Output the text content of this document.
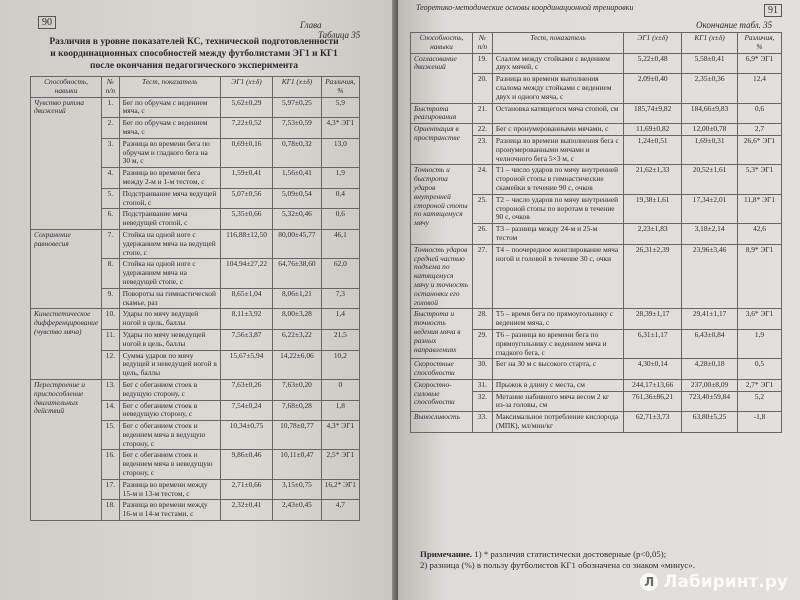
90	Глава
Таблица 35
Различия в уровне показателей КС, технической подготовленности
и координационных способностей между футболистами ЭГ1 и КГ1
после окончания педагогического эксперимента
Способность, навыки	№ п/п	Тест, показатель	ЭГ1 (x±δ)	КГ1 (x±δ)	Различия, %
Чувство ритма движений	1.	Бег по обручам с ведением мяча, с	5,62±0,29	5,97±0,25	5,9
	2.	Бег по обручам с ведением мяча, с	7,22±0,52	7,53±0,59	4,3* ЭГ1
	3.	Разница во времени бега по обручам и гладкого бега на 30 м, с	0,69±0,16	0,78±0,32	13,0
	4.	Разница во времени бега между 2-м и 1-м тестом, с	1,59±0,41	1,56±0,41	1,9
	5.	Подстраивание мяча ведущей стопой, с	5,07±0,56	5,09±0,54	0,4
	6.	Подстраивание мяча неведущей стопой, с	5,35±0,66	5,32±0,46	0,6
Сохранение равновесия	7.	Стойка на одной ноге с удержанием мяча на ведущей стопе, с	116,88±12,50	80,00±45,77	46,1
	8.	Стойка на одной ноге с удержанием мяча на неведущей стопе, с	104,94±27,22	64,76±38,60	62,0
	9.	Повороты на гимнастической скамье, раз	8,65±1,04	8,06±1,21	7,3
Кинестетическое дифференцирование (чувство мяча)	10.	Удары по мячу ведущей ногой в цель, баллы	8,11±3,92	8,00±3,28	1,4
	11.	Удары по мячу неведущей ногой в цель, баллы	7,56±3,87	6,22±3,22	21,5
	12.	Сумма ударов по мячу ведущей и неведущей ногой в цель, баллы	15,67±5,94	14,22±6,06	10,2
Перестроение и приспособление двигательных действий	13.	Бег с обеганием стоек в ведущую сторону, с	7,63±0,26	7,63±0,20	0
	14.	Бег с обеганием стоек в неведущую сторону, с	7,54±0,24	7,68±0,28	1,8
	15.	Бег с обеганием стоек и ведением мяча в ведущую сторону, с	10,34±0,75	10,78±0,77	4,3* ЭГ1
	16.	Бег с обеганием стоек и ведением мяча в неведущую сторону, с	9,86±0,46	10,11±0,47	2,5* ЭГ1
	17.	Разница во времени между 15-м и 13-м тестом, с	2,71±0,66	3,15±0,75	16,2* ЭГ1
	18.	Разница во времени между 16-м и 14-м тестами, с	2,32±0,41	2,43±0,45	4,7
Теоретико-методические основы координационной тренировки	91
Окончание табл. 35
Способность, навыки	№ п/п	Тест, показатель	ЭГ1 (x±δ)	КГ1 (x±δ)	Различия, %
Согласование движений	19.	Слалом между стойками с ведением двух мячей, с	5,22±0,48	5,58±0,41	6,9* ЭГ1
	20.	Разница во времени выполнения слалома между стойками с ведением двух и одного мяча, с	2,09±0,40	2,35±0,36	12,4
Быстрота реагирования	21.	Остановка катящегося мяча стопой, см	185,74±9,82	184,66±9,83	0,6
Ориентация в пространстве	22.	Бег с пронумерованными мячами, с	11,69±0,82	12,00±0,78	2,7
	23.	Разница во времени выполнения бега с пронумерованными мячами и челночного бега 5×3 м, с	1,24±0,51	1,69±0,31	26,6* ЭГ1
Точность и быстрота ударов внутренней стороной стопы по катящемуся мячу	24.	Т1 – число ударов по мячу внутренней стороной стопы в гимнастические скамейки в течение 90 с, очков	21,62±1,33	20,52±1,61	5,3* ЭГ1
	25.	Т2 – число ударов по мячу внутренней стороной стопы по воротам в течение 90 с, очков	19,38±1,61	17,34±2,01	11,8* ЭГ1
	26.	Т3 – разница между 24-м и 25-м тестом	2,23±1,83	3,18±2,14	42,6
Точность ударов средней частью подъема по катящемуся мячу и точность остановки его головой	27.	Т4 – поочередное жонглирование мяча ногой и головой в течение 30 с, очки	26,31±2,39	23,96±3,46	8,9* ЭГ1
Быстрота и точность ведения мяча в разных направлениях	28.	Т5 – время бега по прямоугольнику с ведением мяча, с	28,39±1,17	29,41±1,17	3,6* ЭГ1
	29.	Т6 – разница во времени бега по прямоугольнику с ведением мяча и гладкого бега, с	6,31±1,17	6,43±0,84	1,9
Скоростные способности	30.	Бег на 30 м с высокого старта, с	4,30±0,14	4,28±0,18	0,5
Скоростно-силовые способности	31.	Прыжок в длину с места, см	244,17±13,66	237,00±8,09	2,7* ЭГ1
	32.	Метание набивного мяча весом 2 кг из-за головы, см	761,36±86,21	723,40±59,84	5,2
Выносливость	33.	Максимальное потребление кислорода (МПК), мл/мин/кг	62,71±3,73	63,80±5,25	-1,8
Примечание. 1) * различия статистически достоверные (p<0,05);
2) разница (%) в пользу футболистов КГ1 обозначена со знаком «минус».
Л Лабиринт.ру
